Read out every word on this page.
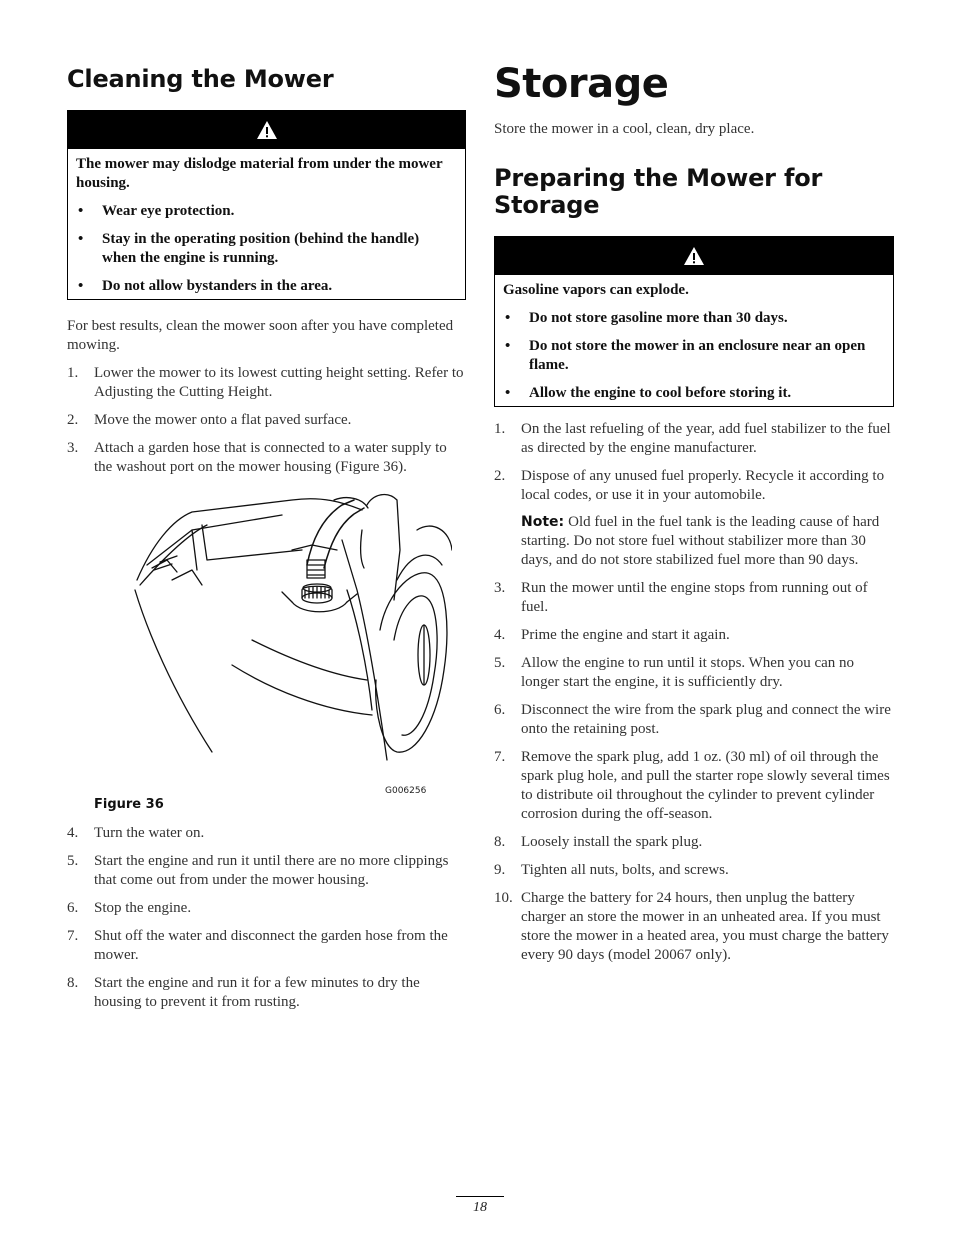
Cleaning the Mower

The mower may dislodge material from under the mower housing.

• Wear eye protection.
• Stay in the operating position (behind the handle) when the engine is running.
• Do not allow bystanders in the area.

For best results, clean the mower soon after you have completed mowing.

1. Lower the mower to its lowest cutting height setting. Refer to Adjusting the Cutting Height.
2. Move the mower onto a flat paved surface.
3. Attach a garden hose that is connected to a water supply to the washout port on the mower housing (Figure 36).
G006256
Figure 36
4. Turn the water on.
5. Start the engine and run it until there are no more clippings that come out from under the mower housing.
6. Stop the engine.
7. Shut off the water and disconnect the garden hose from the mower.
8. Start the engine and run it for a few minutes to dry the housing to prevent it from rusting.
Storage

Store the mower in a cool, clean, dry place.

Preparing the Mower for Storage

Gasoline vapors can explode.

• Do not store gasoline more than 30 days.
• Do not store the mower in an enclosure near an open flame.
• Allow the engine to cool before storing it.
1. On the last refueling of the year, add fuel stabilizer to the fuel as directed by the engine manufacturer.
2. Dispose of any unused fuel properly. Recycle it according to local codes, or use it in your automobile.

Note: Old fuel in the fuel tank is the leading cause of hard starting. Do not store fuel without stabilizer more than 30 days, and do not store stabilized fuel more than 90 days.

3. Run the mower until the engine stops from running out of fuel.
4. Prime the engine and start it again.
5. Allow the engine to run until it stops. When you can no longer start the engine, it is sufficiently dry.
6. Disconnect the wire from the spark plug and connect the wire onto the retaining post.
7. Remove the spark plug, add 1 oz. (30 ml) of oil through the spark plug hole, and pull the starter rope slowly several times to distribute oil throughout the cylinder to prevent cylinder corrosion during the off-season.
8. Loosely install the spark plug.
9. Tighten all nuts, bolts, and screws.
10. Charge the battery for 24 hours, then unplug the battery charger an store the mower in an unheated area. If you must store the mower in a heated area, you must charge the battery every 90 days (model 20067 only).
18
